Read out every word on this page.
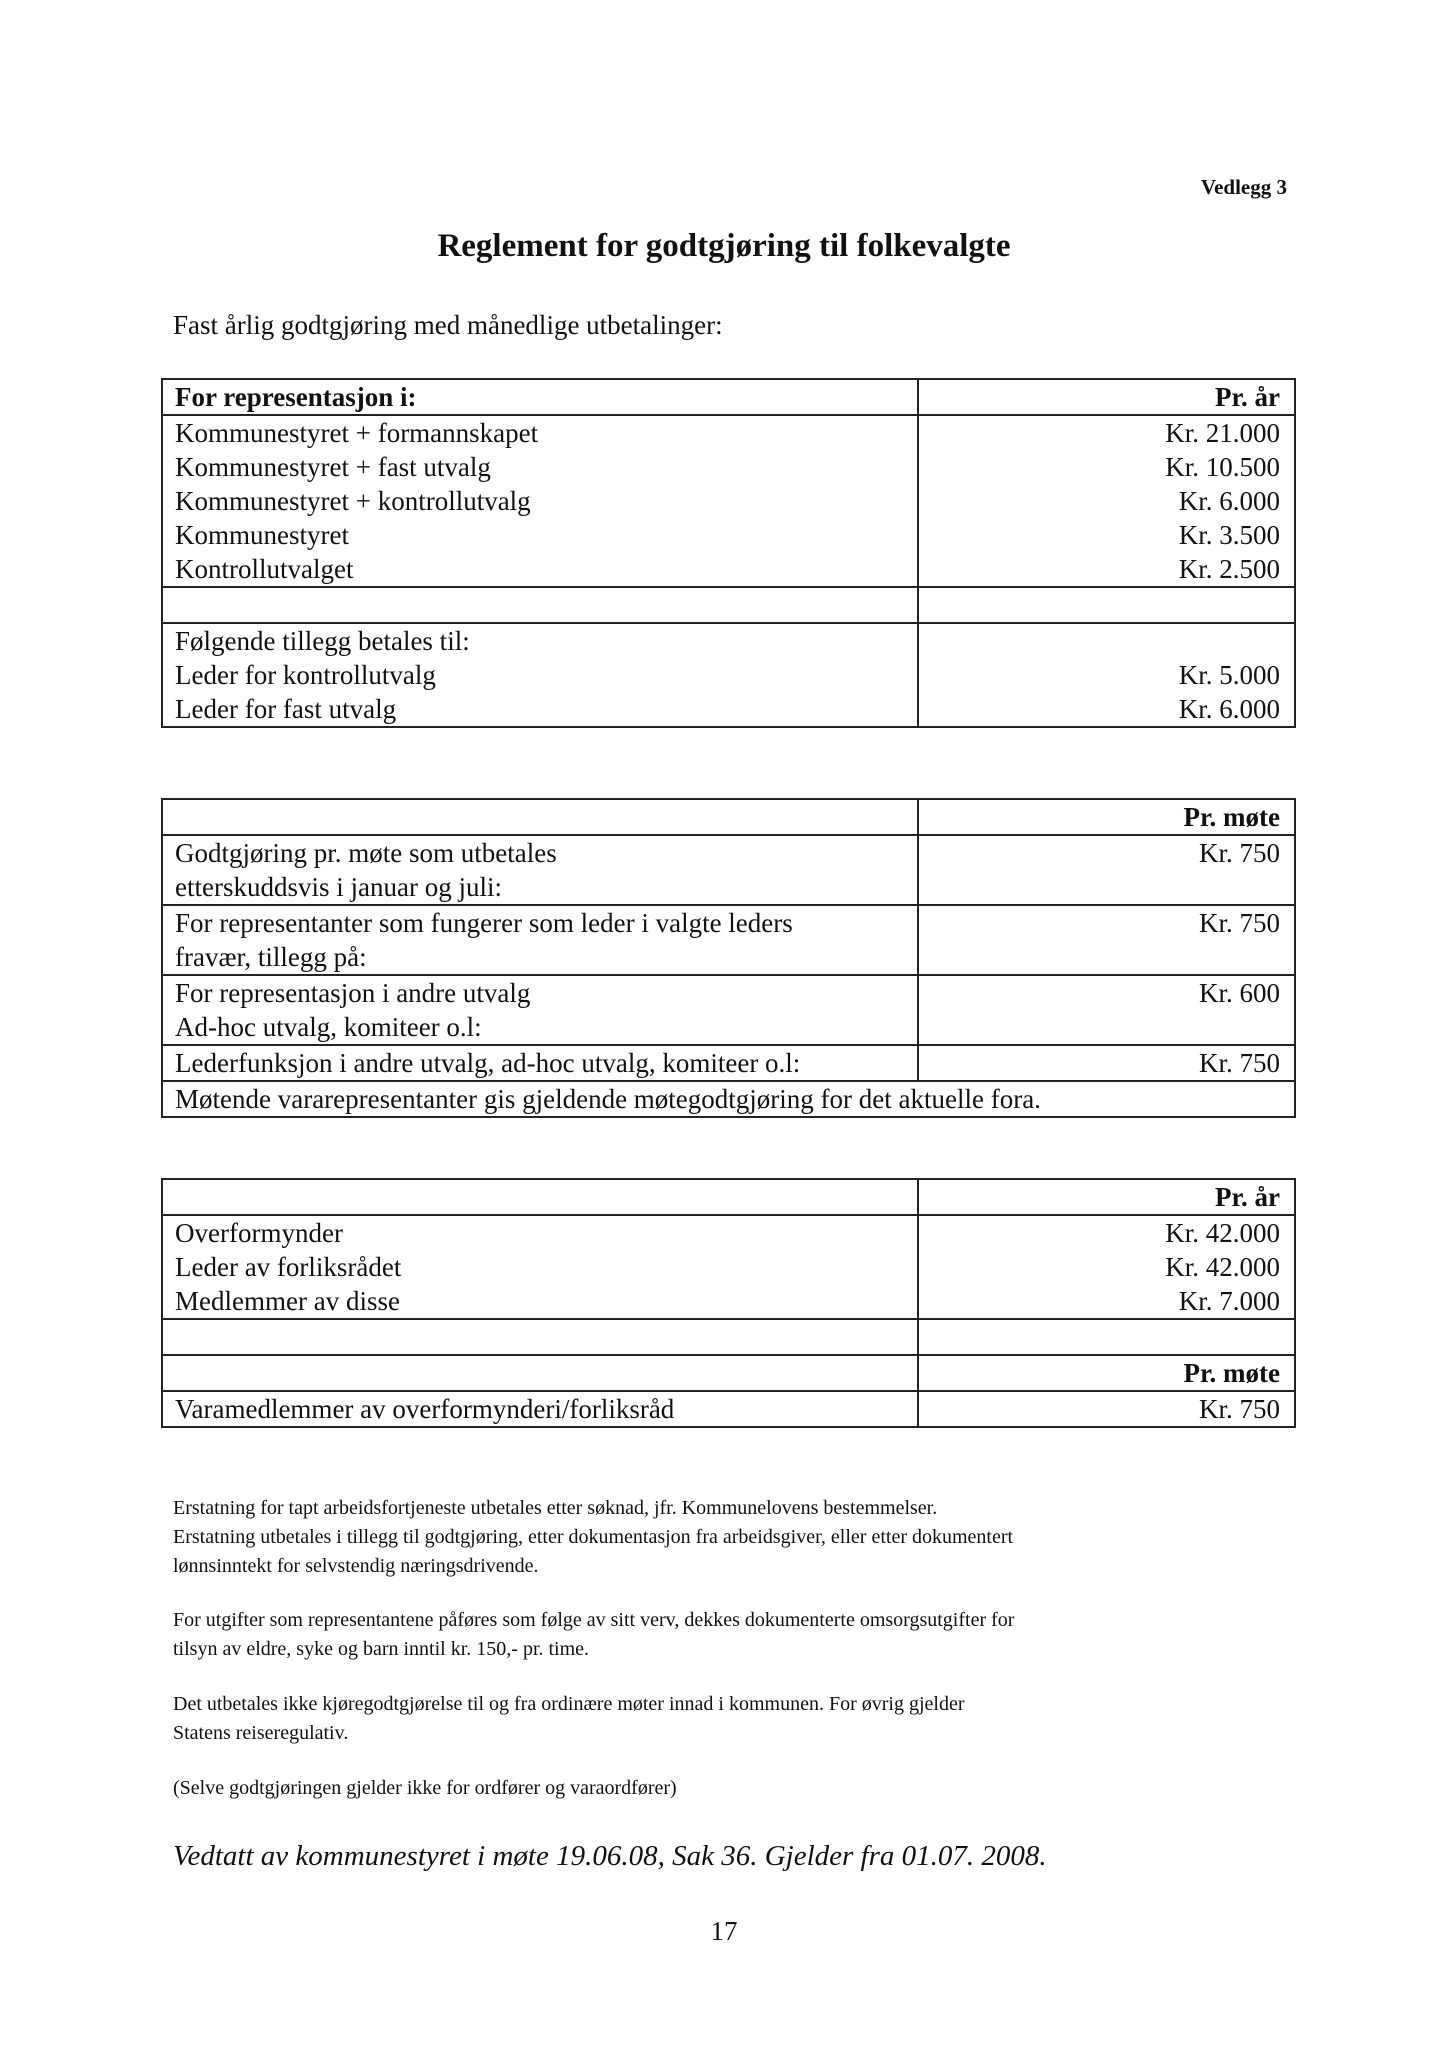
Vedlegg 3
Reglement for godtgjøring til folkevalgte
Fast årlig godtgjøring med månedlige utbetalinger:
For representasjon i:	Pr. år
Kommunestyret + formannskapet	Kr. 21.000
Kommunestyret + fast utvalg	Kr. 10.500
Kommunestyret + kontrollutvalg	Kr. 6.000
Kommunestyret	Kr. 3.500
Kontrollutvalget	Kr. 2.500

Følgende tillegg betales til:	
Leder for kontrollutvalg	Kr. 5.000
Leder for fast utvalg	Kr. 6.000
	Pr. møte

Godtgjøring pr. møte som utbetales
etterskuddsvis i januar og juli:	Kr. 750

For representanter som fungerer som leder i valgte leders
fravær, tillegg på:	Kr. 750

For representasjon i andre utvalg
Ad-hoc utvalg, komiteer o.l:	Kr. 600
Lederfunksjon i andre utvalg, ad-hoc utvalg, komiteer o.l:	Kr. 750
Møtende vararepresentanter gis gjeldende møtegodtgjøring for det aktuelle fora.	
	Pr. år
Overformynder	Kr. 42.000
Leder av forliksrådet	Kr. 42.000
Medlemmer av disse	Kr. 7.000

	Pr. møte
Varamedlemmer av overformynderi/forliksråd	Kr. 750
Erstatning for tapt arbeidsfortjeneste utbetales etter søknad, jfr. Kommunelovens bestemmelser.
Erstatning utbetales i tillegg til godtgjøring, etter dokumentasjon fra arbeidsgiver, eller etter dokumentert
lønnsinntekt for selvstendig næringsdrivende.
For utgifter som representantene påføres som følge av sitt verv, dekkes dokumenterte omsorgsutgifter for
tilsyn av eldre, syke og barn inntil kr. 150,- pr. time.
Det utbetales ikke kjøregodtgjørelse til og fra ordinære møter innad i kommunen. For øvrig gjelder
Statens reiseregulativ.
(Selve godtgjøringen gjelder ikke for ordfører og varaordfører)
Vedtatt av kommunestyret i møte 19.06.08, Sak 36. Gjelder fra 01.07. 2008.
17
